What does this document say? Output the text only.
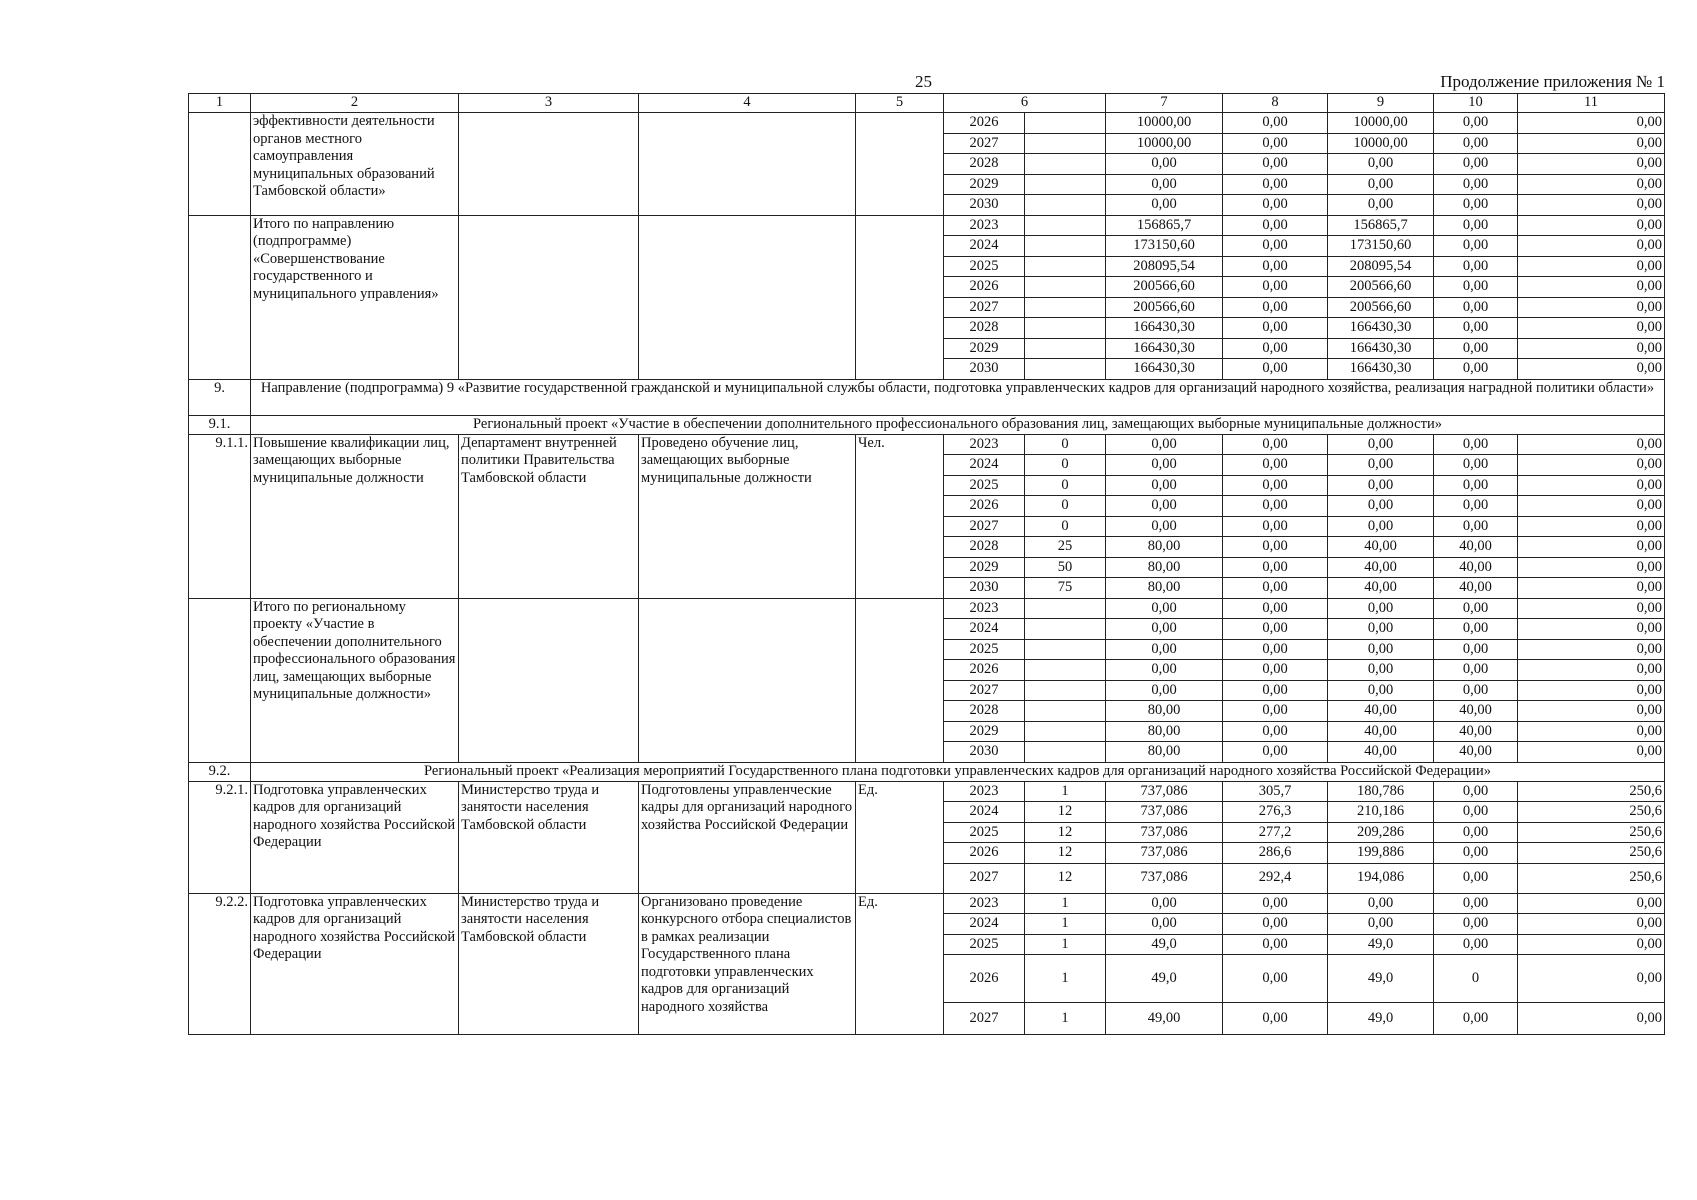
25	Продолжение приложения № 1
1	2	3	4	5	6		7	8	9	10	11
	эффективности деятельности органов местного самоуправления муниципальных образований Тамбовской области»				2026		10000,00	0,00	10000,00	0,00	0,00
					2027		10000,00	0,00	10000,00	0,00	0,00
					2028		0,00	0,00	0,00	0,00	0,00
					2029		0,00	0,00	0,00	0,00	0,00
					2030		0,00	0,00	0,00	0,00	0,00
	Итого по направлению (подпрограмме) «Совершенствование государственного и муниципального управления»				2023		156865,7	0,00	156865,7	0,00	0,00
					2024		173150,60	0,00	173150,60	0,00	0,00
					2025		208095,54	0,00	208095,54	0,00	0,00
					2026		200566,60	0,00	200566,60	0,00	0,00
					2027		200566,60	0,00	200566,60	0,00	0,00
					2028		166430,30	0,00	166430,30	0,00	0,00
					2029		166430,30	0,00	166430,30	0,00	0,00
					2030		166430,30	0,00	166430,30	0,00	0,00
9.	Направление (подпрограмма) 9 «Развитие государственной гражданской и муниципальной службы области, подготовка управленческих кадров для организаций народного хозяйства, реализация наградной политики области»										
9.1.	Региональный проект «Участие в обеспечении дополнительного профессионального образования лиц, замещающих выборные муниципальные должности»										
9.1.1.	Повышение квалификации лиц, замещающих выборные муниципальные должности	Департамент внутренней политики Правительства Тамбовской области	Проведено обучение лиц, замещающих выборные муниципальные должности	Чел.	2023	0	0,00	0,00	0,00	0,00	0,00
					2024	0	0,00	0,00	0,00	0,00	0,00
					2025	0	0,00	0,00	0,00	0,00	0,00
					2026	0	0,00	0,00	0,00	0,00	0,00
					2027	0	0,00	0,00	0,00	0,00	0,00
					2028	25	80,00	0,00	40,00	40,00	0,00
					2029	50	80,00	0,00	40,00	40,00	0,00
					2030	75	80,00	0,00	40,00	40,00	0,00
	Итого по региональному проекту «Участие в обеспечении дополнительного профессионального образования лиц, замещающих выборные муниципальные должности»				2023		0,00	0,00	0,00	0,00	0,00
					2024		0,00	0,00	0,00	0,00	0,00
					2025		0,00	0,00	0,00	0,00	0,00
					2026		0,00	0,00	0,00	0,00	0,00
					2027		0,00	0,00	0,00	0,00	0,00
					2028		80,00	0,00	40,00	40,00	0,00
					2029		80,00	0,00	40,00	40,00	0,00
					2030		80,00	0,00	40,00	40,00	0,00
9.2.	Региональный проект «Реализация мероприятий Государственного плана подготовки управленческих кадров для организаций народного хозяйства Российской Федерации»										
9.2.1.	Подготовка управленческих кадров для организаций народного хозяйства Российской Федерации	Министерство труда и занятости населения Тамбовской области	Подготовлены управленческие кадры для организаций народного хозяйства Российской Федерации	Ед.	2023	1	737,086	305,7	180,786	0,00	250,6
					2024	12	737,086	276,3	210,186	0,00	250,6
					2025	12	737,086	277,2	209,286	0,00	250,6
					2026	12	737,086	286,6	199,886	0,00	250,6
					2027	12	737,086	292,4	194,086	0,00	250,6
9.2.2.	Подготовка управленческих кадров для организаций народного хозяйства Российской Федерации	Министерство труда и занятости населения Тамбовской области	Организовано проведение конкурсного отбора специалистов в рамках реализации Государственного плана подготовки управленческих кадров для организаций народного хозяйства	Ед.	2023	1	0,00	0,00	0,00	0,00	0,00
					2024	1	0,00	0,00	0,00	0,00	0,00
					2025	1	49,0	0,00	49,0	0,00	0,00
					2026	1	49,0	0,00	49,0	0	0,00
					2027	1	49,00	0,00	49,0	0,00	0,00
